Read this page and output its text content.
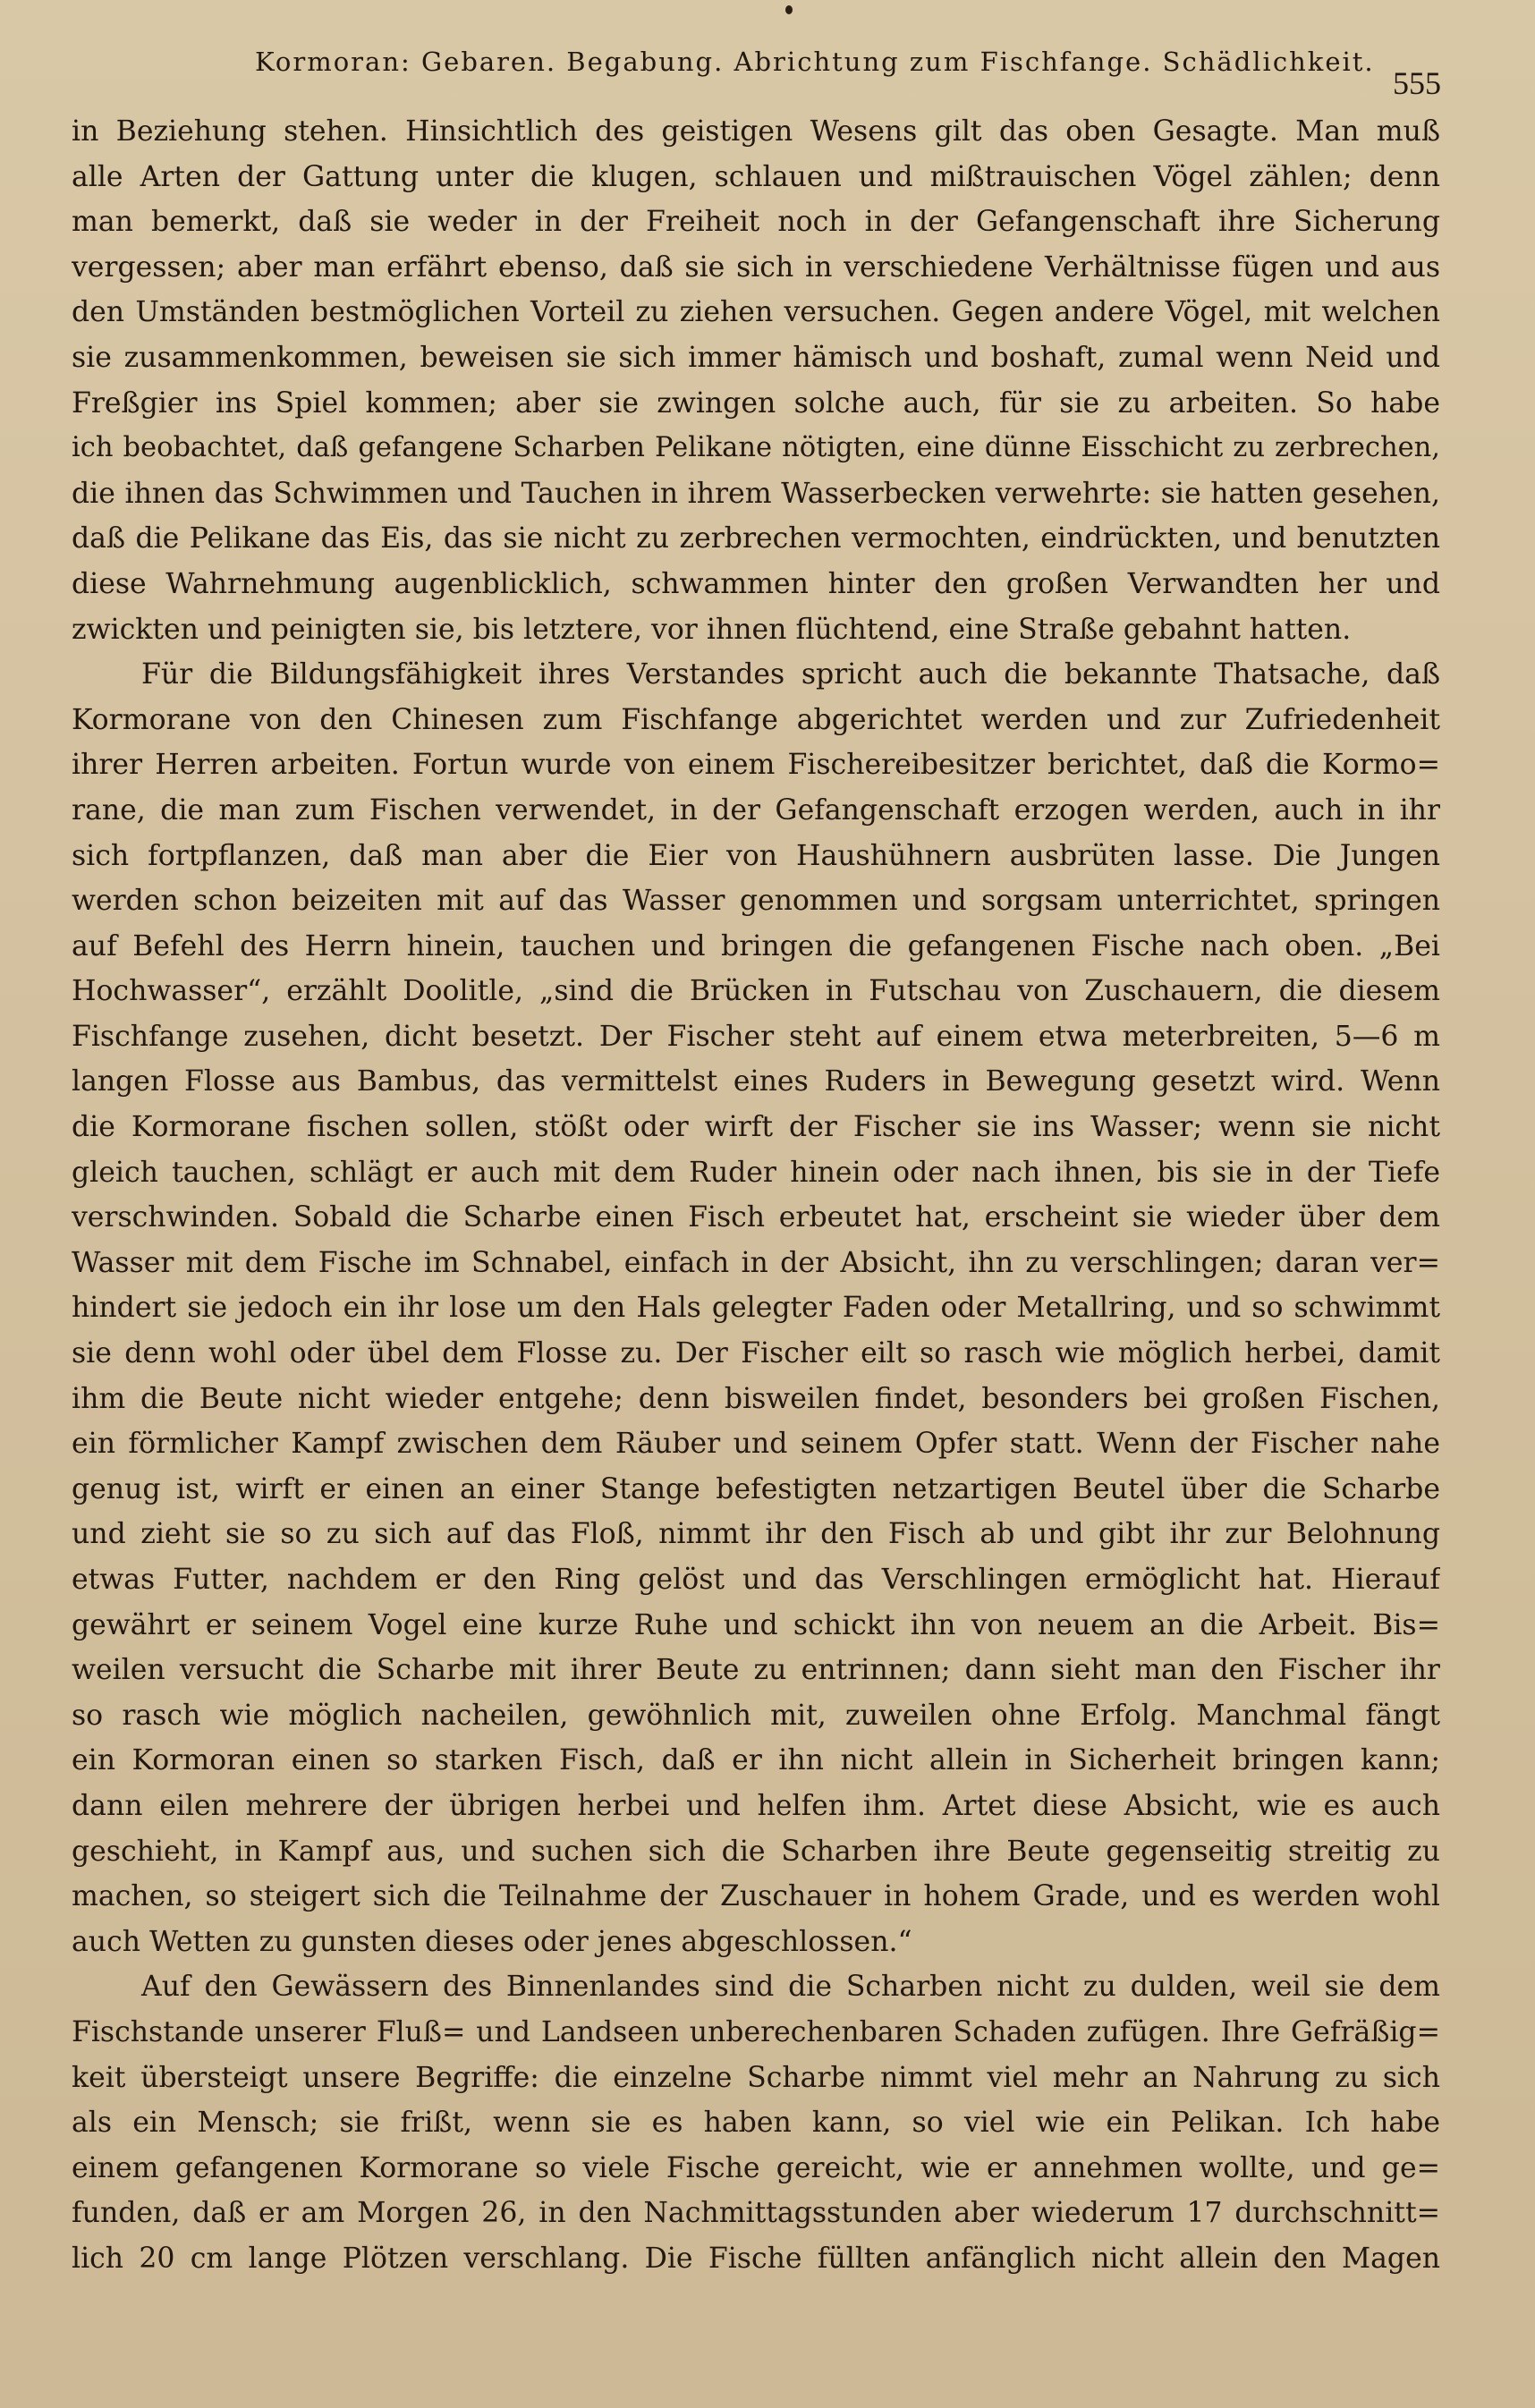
Kormoran: Gebaren. Begabung. Abrichtung zum Fischfange. Schädlichkeit.
555
in Beziehung stehen. Hinsichtlich des geistigen Wesens gilt das oben Gesagte. Man muß
alle Arten der Gattung unter die klugen, schlauen und mißtrauischen Vögel zählen; denn
man bemerkt, daß sie weder in der Freiheit noch in der Gefangenschaft ihre Sicherung
vergessen; aber man erfährt ebenso, daß sie sich in verschiedene Verhältnisse fügen und aus
den Umständen bestmöglichen Vorteil zu ziehen versuchen. Gegen andere Vögel, mit welchen
sie zusammenkommen, beweisen sie sich immer hämisch und boshaft, zumal wenn Neid und
Freßgier ins Spiel kommen; aber sie zwingen solche auch, für sie zu arbeiten. So habe
ich beobachtet, daß gefangene Scharben Pelikane nötigten, eine dünne Eisschicht zu zerbrechen,
die ihnen das Schwimmen und Tauchen in ihrem Wasserbecken verwehrte: sie hatten gesehen,
daß die Pelikane das Eis, das sie nicht zu zerbrechen vermochten, eindrückten, und benutzten
diese Wahrnehmung augenblicklich, schwammen hinter den großen Verwandten her und
zwickten und peinigten sie, bis letztere, vor ihnen flüchtend, eine Straße gebahnt hatten.
Für die Bildungsfähigkeit ihres Verstandes spricht auch die bekannte Thatsache, daß
Kormorane von den Chinesen zum Fischfange abgerichtet werden und zur Zufriedenheit
ihrer Herren arbeiten. Fortun wurde von einem Fischereibesitzer berichtet, daß die Kormo=
rane, die man zum Fischen verwendet, in der Gefangenschaft erzogen werden, auch in ihr
sich fortpflanzen, daß man aber die Eier von Haushühnern ausbrüten lasse. Die Jungen
werden schon beizeiten mit auf das Wasser genommen und sorgsam unterrichtet, springen
auf Befehl des Herrn hinein, tauchen und bringen die gefangenen Fische nach oben. „Bei
Hochwasser“, erzählt Doolitle, „sind die Brücken in Futschau von Zuschauern, die diesem
Fischfange zusehen, dicht besetzt. Der Fischer steht auf einem etwa meterbreiten, 5—6 m
langen Flosse aus Bambus, das vermittelst eines Ruders in Bewegung gesetzt wird. Wenn
die Kormorane fischen sollen, stößt oder wirft der Fischer sie ins Wasser; wenn sie nicht
gleich tauchen, schlägt er auch mit dem Ruder hinein oder nach ihnen, bis sie in der Tiefe
verschwinden. Sobald die Scharbe einen Fisch erbeutet hat, erscheint sie wieder über dem
Wasser mit dem Fische im Schnabel, einfach in der Absicht, ihn zu verschlingen; daran ver=
hindert sie jedoch ein ihr lose um den Hals gelegter Faden oder Metallring, und so schwimmt
sie denn wohl oder übel dem Flosse zu. Der Fischer eilt so rasch wie möglich herbei, damit
ihm die Beute nicht wieder entgehe; denn bisweilen findet, besonders bei großen Fischen,
ein förmlicher Kampf zwischen dem Räuber und seinem Opfer statt. Wenn der Fischer nahe
genug ist, wirft er einen an einer Stange befestigten netzartigen Beutel über die Scharbe
und zieht sie so zu sich auf das Floß, nimmt ihr den Fisch ab und gibt ihr zur Belohnung
etwas Futter, nachdem er den Ring gelöst und das Verschlingen ermöglicht hat. Hierauf
gewährt er seinem Vogel eine kurze Ruhe und schickt ihn von neuem an die Arbeit. Bis=
weilen versucht die Scharbe mit ihrer Beute zu entrinnen; dann sieht man den Fischer ihr
so rasch wie möglich nacheilen, gewöhnlich mit, zuweilen ohne Erfolg. Manchmal fängt
ein Kormoran einen so starken Fisch, daß er ihn nicht allein in Sicherheit bringen kann;
dann eilen mehrere der übrigen herbei und helfen ihm. Artet diese Absicht, wie es auch
geschieht, in Kampf aus, und suchen sich die Scharben ihre Beute gegenseitig streitig zu
machen, so steigert sich die Teilnahme der Zuschauer in hohem Grade, und es werden wohl
auch Wetten zu gunsten dieses oder jenes abgeschlossen.“
Auf den Gewässern des Binnenlandes sind die Scharben nicht zu dulden, weil sie dem
Fischstande unserer Fluß= und Landseen unberechenbaren Schaden zufügen. Ihre Gefräßig=
keit übersteigt unsere Begriffe: die einzelne Scharbe nimmt viel mehr an Nahrung zu sich
als ein Mensch; sie frißt, wenn sie es haben kann, so viel wie ein Pelikan. Ich habe
einem gefangenen Kormorane so viele Fische gereicht, wie er annehmen wollte, und ge=
funden, daß er am Morgen 26, in den Nachmittagsstunden aber wiederum 17 durchschnitt=
lich 20 cm lange Plötzen verschlang. Die Fische füllten anfänglich nicht allein den Magen
